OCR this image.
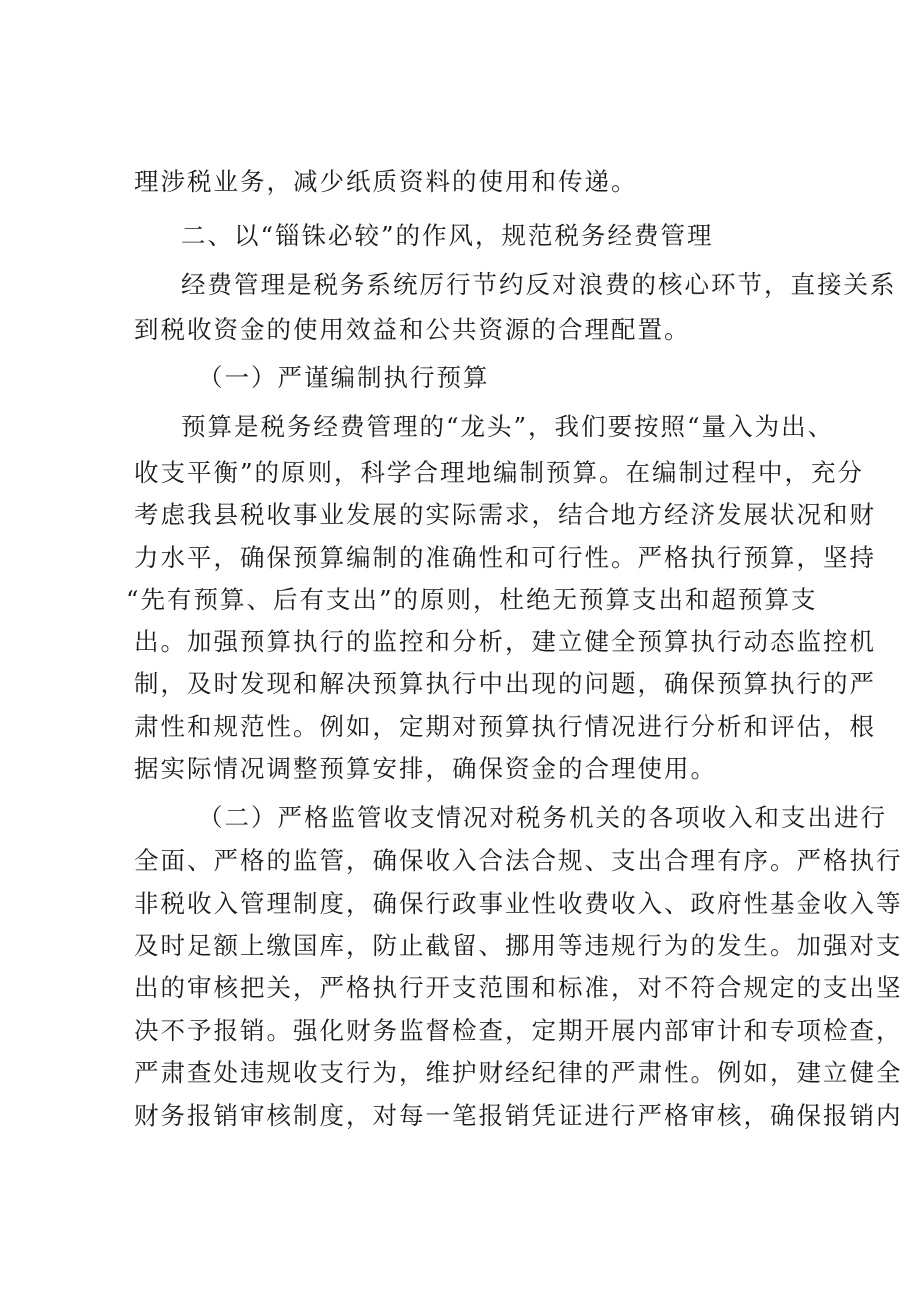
理涉税业务，减少纸质资料的使用和传递。

二、以“锱铢必较”的作风，规范税务经费管理

经费管理是税务系统厉行节约反对浪费的核心环节，直接关系

到税收资金的使用效益和公共资源的合理配置。

（一）严谨编制执行预算

预算是税务经费管理的“龙头”，我们要按照“量入为出、

收支平衡”的原则，科学合理地编制预算。在编制过程中，充分

考虑我县税收事业发展的实际需求，结合地方经济发展状况和财

力水平，确保预算编制的准确性和可行性。严格执行预算，坚持

“先有预算、后有支出”的原则，杜绝无预算支出和超预算支

出。加强预算执行的监控和分析，建立健全预算执行动态监控机

制，及时发现和解决预算执行中出现的问题，确保预算执行的严

肃性和规范性。例如，定期对预算执行情况进行分析和评估，根

据实际情况调整预算安排，确保资金的合理使用。

（二）严格监管收支情况对税务机关的各项收入和支出进行

全面、严格的监管，确保收入合法合规、支出合理有序。严格执行

非税收入管理制度，确保行政事业性收费收入、政府性基金收入等

及时足额上缴国库，防止截留、挪用等违规行为的发生。加强对支

出的审核把关，严格执行开支范围和标准，对不符合规定的支出坚

决不予报销。强化财务监督检查，定期开展内部审计和专项检查，

严肃查处违规收支行为，维护财经纪律的严肃性。例如，建立健全

财务报销审核制度，对每一笔报销凭证进行严格审核，确保报销内
